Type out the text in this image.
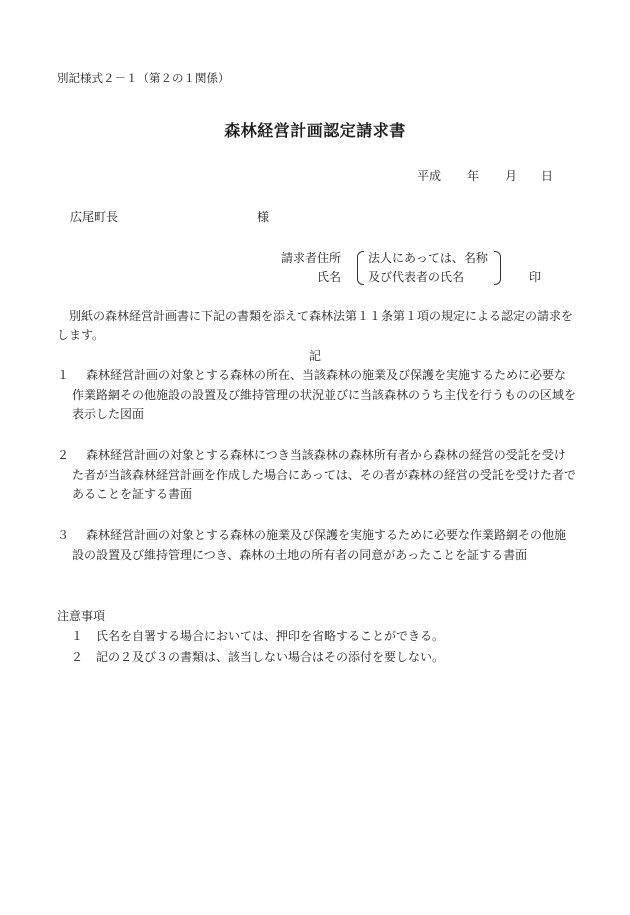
別記様式２－１（第２の１関係）
森林経営計画認定請求書
平成 年 月 日
広尾町長	様
請求者住所
氏名
法人にあっては、名称
及び代表者の氏名	印
別紙の森林経営計画書に下記の書類を添えて森林法第１１条第１項の規定による認定の請求をします。
記
１	森林経営計画の対象とする森林の所在、当該森林の施業及び保護を実施するために必要な作業路網その他施設の設置及び維持管理の状況並びに当該森林のうち主伐を行うものの区域を表示した図面
２	森林経営計画の対象とする森林につき当該森林の森林所有者から森林の経営の受託を受けた者が当該森林経営計画を作成した場合にあっては、その者が森林の経営の受託を受けた者であることを証する書面
３	森林経営計画の対象とする森林の施業及び保護を実施するために必要な作業路網その他施設の設置及び維持管理につき、森林の土地の所有者の同意があったことを証する書面
注意事項
１ 氏名を自署する場合においては、押印を省略することができる。
２ 記の２及び３の書類は、該当しない場合はその添付を要しない。
